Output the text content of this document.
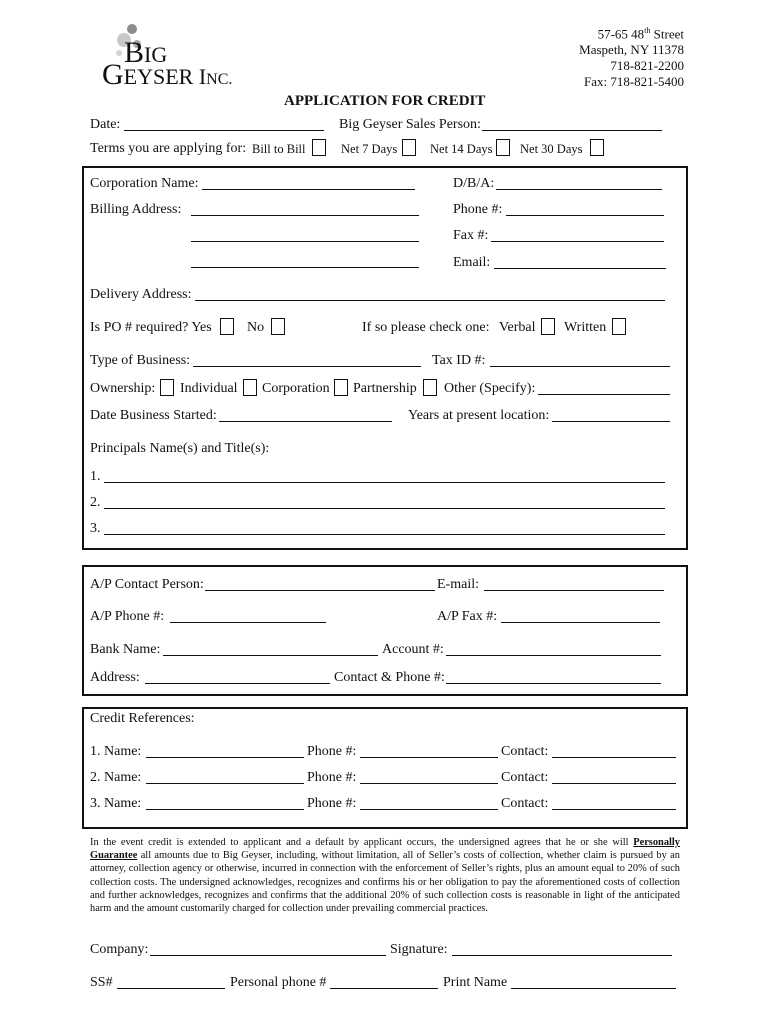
BIG
GEYSER INC.
57-65 48th Street
Maspeth, NY 11378
718-821-2200
Fax: 718-821-5400
APPLICATION FOR CREDIT
Date:	Big Geyser Sales Person:
Terms you are applying for: Bill to Bill	Net 7 Days	Net 14 Days Net 30 Days
Corporation Name:	D/B/A:
Billing Address:	Phone #:
Fax #:
Email:
Delivery Address:
Is PO # required? Yes	No	If so please check one: Verbal Written
Type of Business:	Tax ID #:
Ownership: Individual Corporation Partnership Other (Specify):
Date Business Started:	Years at present location:
Principals Name(s) and Title(s):
1.
2.
3.
A/P Contact Person:	E-mail:
A/P Phone #:	A/P Fax #:
Bank Name:	Account #:
Address:	Contact & Phone #:
Credit References:
1. Name:	Phone #:	Contact:
2. Name:	Phone #:	Contact:
3. Name:	Phone #:	Contact:
In the event credit is extended to applicant and a default by applicant occurs, the undersigned agrees that he or she will Personally Guarantee all amounts due to Big Geyser, including, without limitation, all of Seller’s costs of collection, whether claim is pursued by an attorney, collection agency or otherwise, incurred in connection with the enforcement of Seller’s rights, plus an amount equal to 20% of such collection costs. The undersigned acknowledges, recognizes and confirms his or her obligation to pay the aforementioned costs of collection and further acknowledges, recognizes and confirms that the additional 20% of such collection costs is reasonable in light of the anticipated harm and the amount customarily charged for collection under prevailing commercial practices.
Company:	Signature:
SS#	Personal phone #	Print Name
